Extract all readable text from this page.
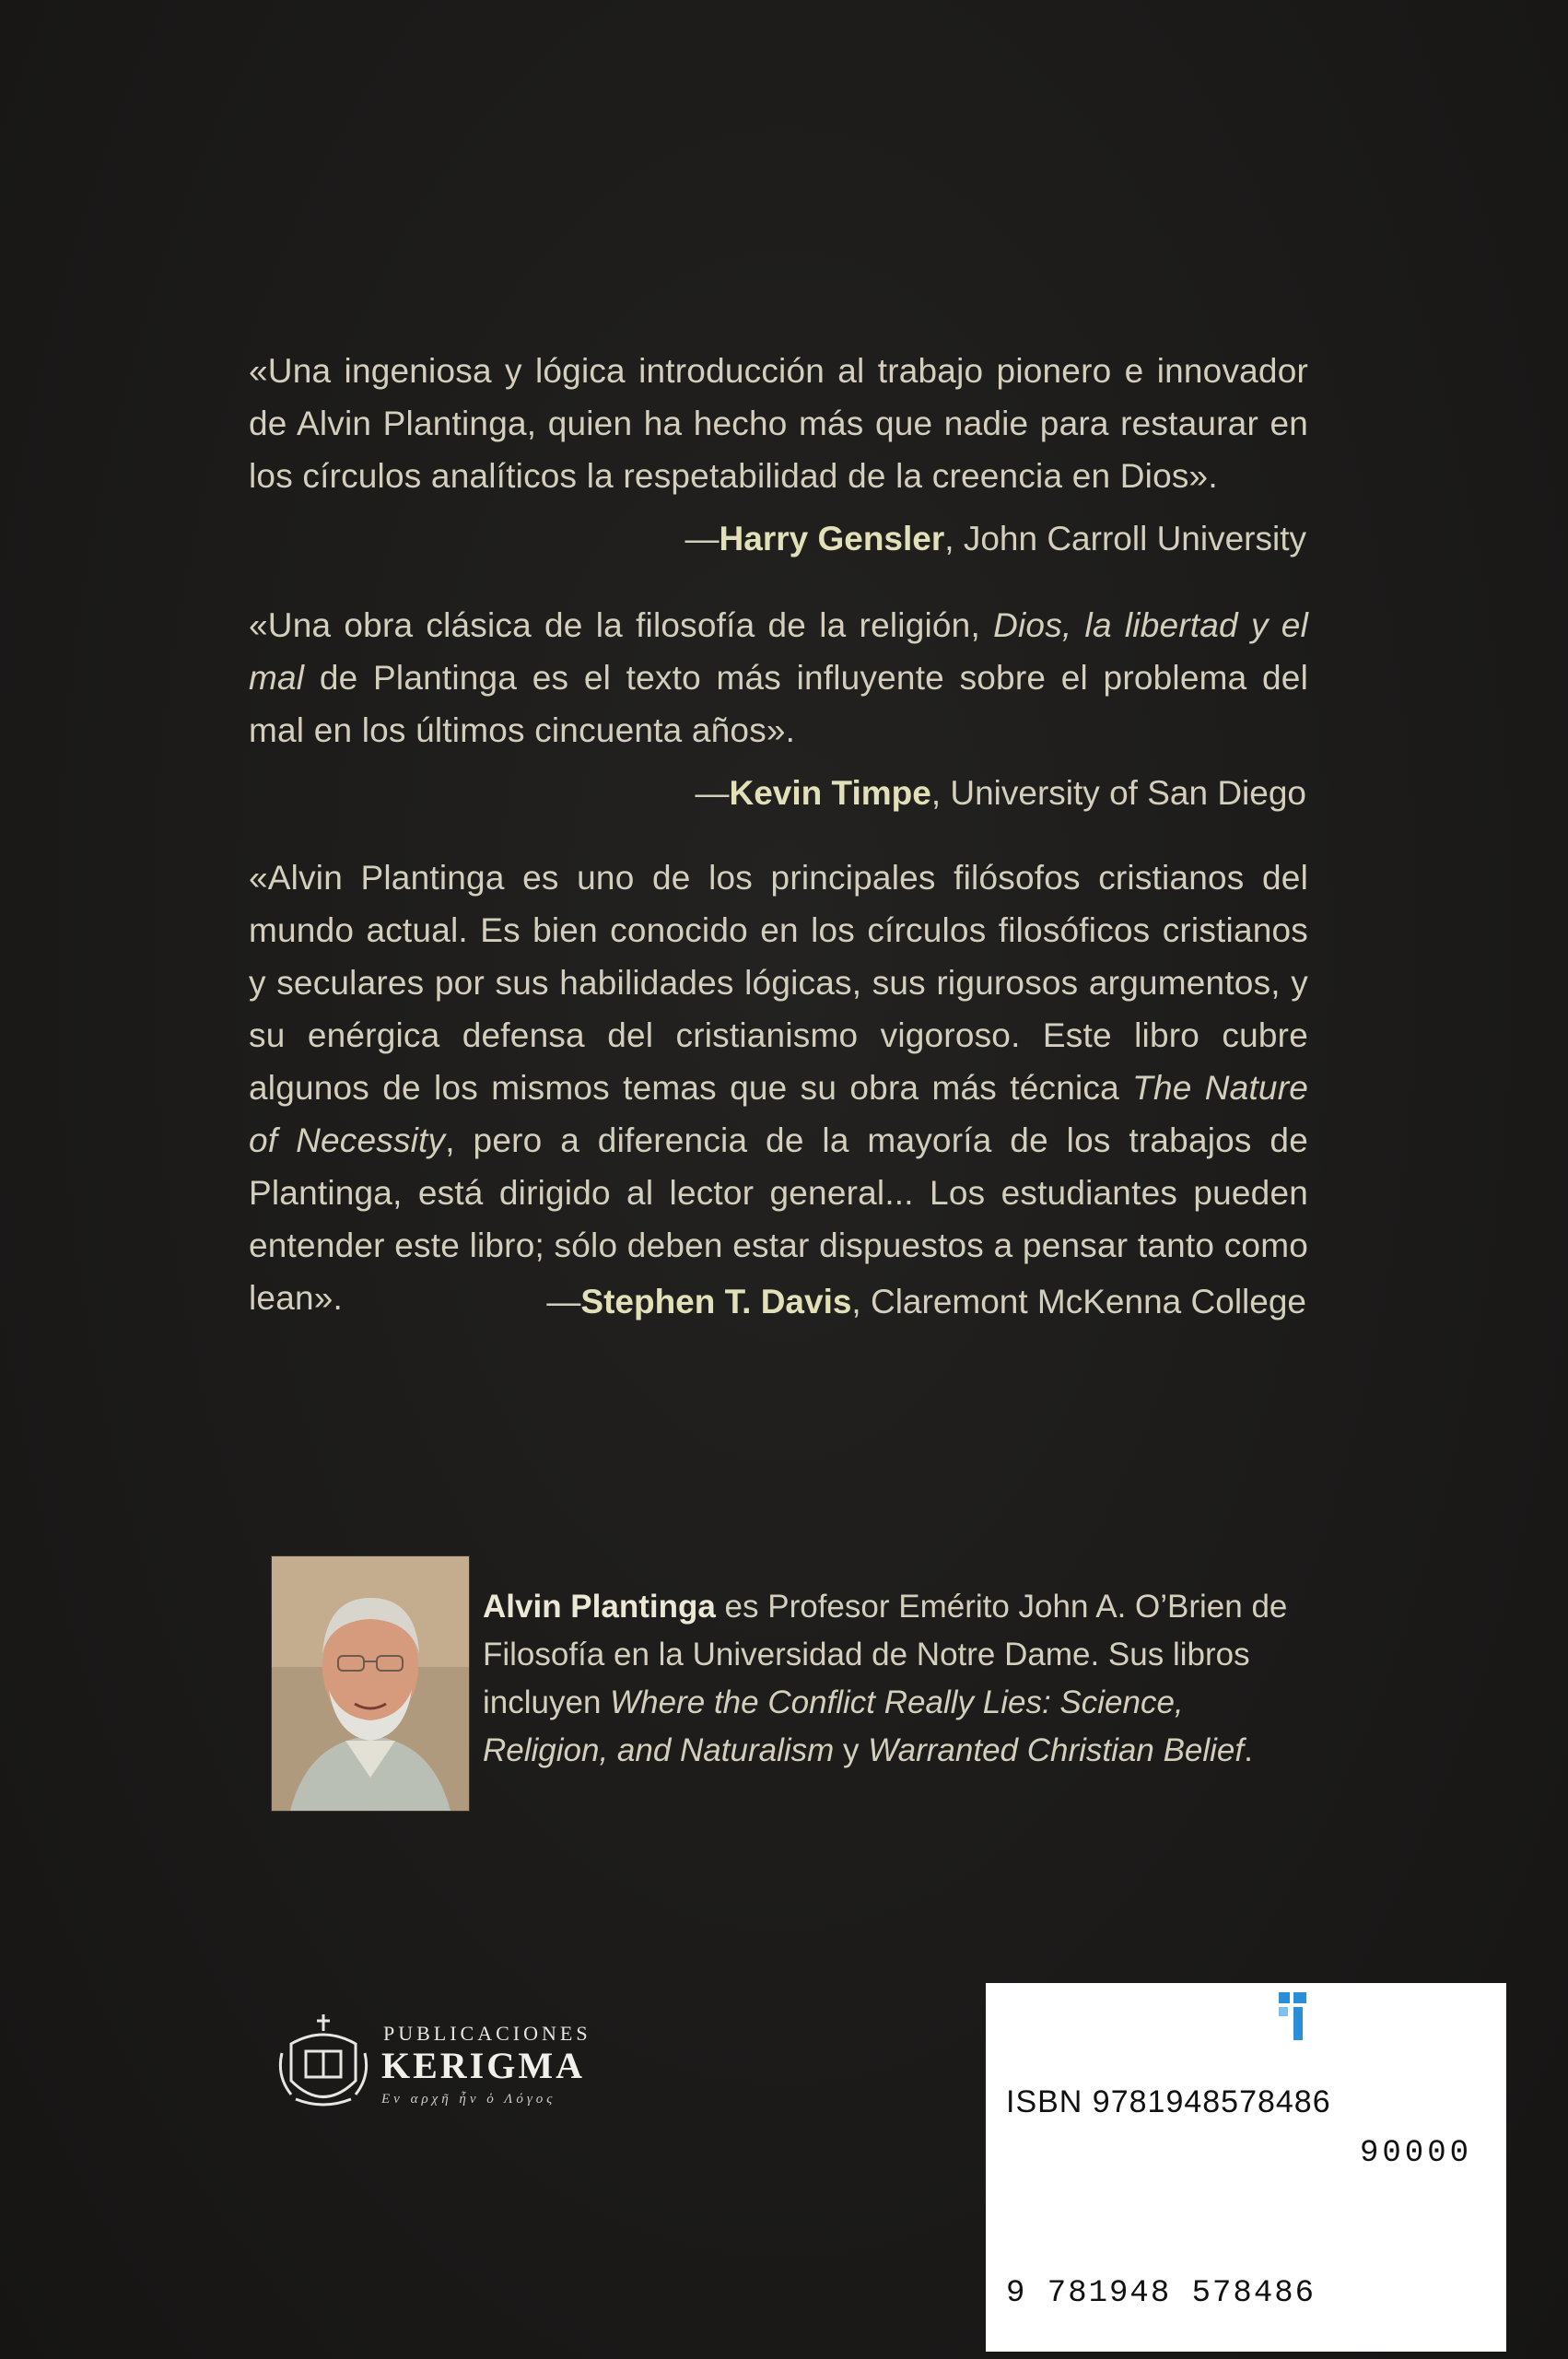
«Una ingeniosa y lógica introducción al trabajo pionero e innovador de Alvin Plantinga, quien ha hecho más que nadie para restaurar en los círculos analíticos la respetabilidad de la creencia en Dios».
—Harry Gensler, John Carroll University
«Una obra clásica de la filosofía de la religión, Dios, la libertad y el mal de Plantinga es el texto más influyente sobre el problema del mal en los últimos cincuenta años».
—Kevin Timpe, University of San Diego
«Alvin Plantinga es uno de los principales filósofos cristianos del mundo actual. Es bien conocido en los círculos filosóficos cristianos y seculares por sus habilidades lógicas, sus rigurosos argumentos, y su enérgica defensa del cristianismo vigoroso. Este libro cubre algunos de los mismos temas que su obra más técnica The Nature of Necessity, pero a diferencia de la mayoría de los trabajos de Plantinga, está dirigido al lector general... Los estudiantes pueden entender este libro; sólo deben estar dispuestos a pensar tanto como lean».	—Stephen T. Davis, Claremont McKenna College
Alvin Plantinga es Profesor Emérito John A. O’Brien de Filosofía en la Universidad de Notre Dame. Sus libros incluyen Where the Conflict Really Lies: Science, Religion, and Naturalism y Warranted Christian Belief.
PUBLICACIONES
KERIGMA
Εν αρχῆ ἦν ὁ Λόγος	ISBN 9781948578486
90000
9 781948 578486
